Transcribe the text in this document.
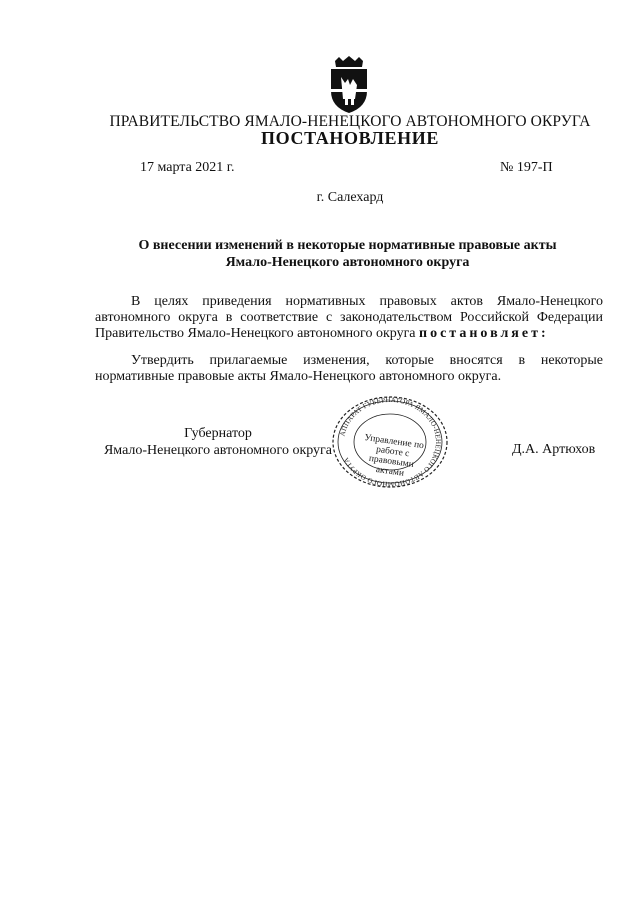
ПРАВИТЕЛЬСТВО ЯМАЛО-НЕНЕЦКОГО АВТОНОМНОГО ОКРУГА
ПОСТАНОВЛЕНИЕ
17 марта 2021 г.	№ 197-П
г. Салехард
О внесении изменений в некоторые нормативные правовые акты
Ямало-Ненецкого автономного округа

В целях приведения нормативных правовых актов Ямало-Ненецкого автономного округа в соответствие с законодательством Российской Федерации Правительство Ямало-Ненецкого автономного округа постановляет:

Утвердить прилагаемые изменения, которые вносятся в некоторые нормативные правовые акты Ямало-Ненецкого автономного округа.

Губернатор
Ямало-Ненецкого автономного округа
АППАРАТ ГУБЕРНАТОРА ЯМАЛО-НЕНЕЦКОГО АВТОНОМНОГО ОКРУГА
Управление по работе с правовыми актами
Д.А. Артюхов
